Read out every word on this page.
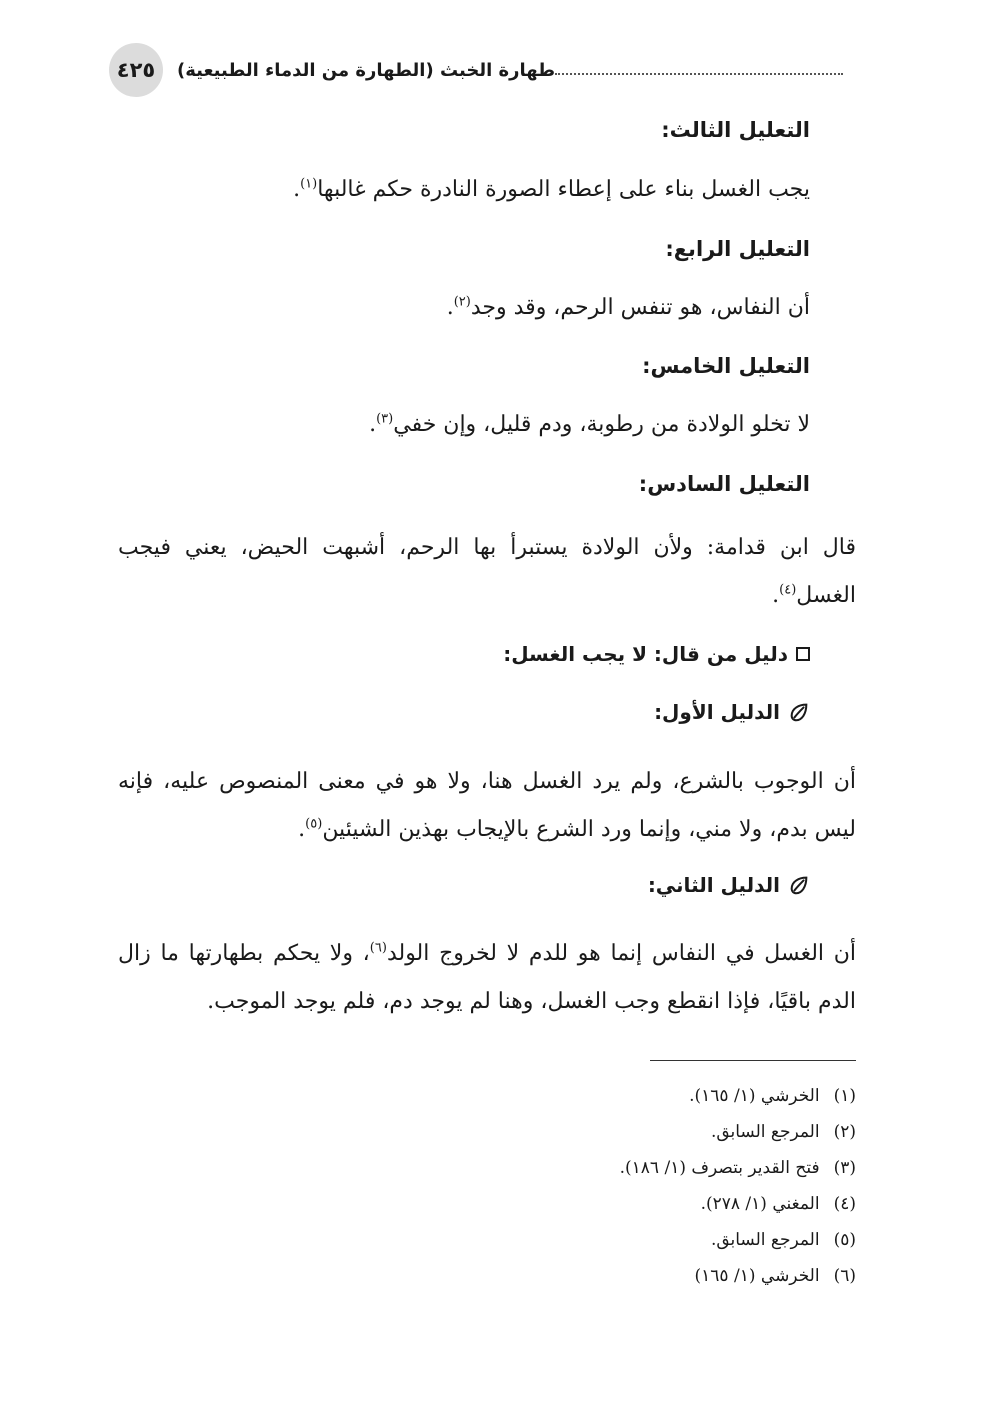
٤٢٥ طهارة الخبث (الطهارة من الدماء الطبيعية)
التعليل الثالث:
يجب الغسل بناء على إعطاء الصورة النادرة حكم غالبها$^{(١)}$.
التعليل الرابع:
أن النفاس، هو تنفس الرحم، وقد وجد$^{(٢)}$.
التعليل الخامس:
لا تخلو الولادة من رطوبة، ودم قليل، وإن خفي$^{(٣)}$.
التعليل السادس:
قال ابن قدامة: ولأن الولادة يستبرأ بها الرحم، أشبهت الحيض، يعني فيجب الغسل$^{(٤)}$.
دليل من قال: لا يجب الغسل:
الدليل الأول:
أن الوجوب بالشرع، ولم يرد الغسل هنا، ولا هو في معنى المنصوص عليه، فإنه ليس بدم، ولا مني، وإنما ورد الشرع بالإيجاب بهذين الشيئين$^{(٥)}$.
الدليل الثاني:
أن الغسل في النفاس إنما هو للدم لا لخروج الولد$^{(٦)}$، ولا يحكم بطهارتها ما زال الدم باقيًا، فإذا انقطع وجب الغسل، وهنا لم يوجد دم، فلم يوجد الموجب.
(١)
الخرشي (١/ ١٦٥).
(٢)
المرجع السابق.
(٣)
فتح القدير بتصرف (١/ ١٨٦).
(٤)
المغني (١/ ٢٧٨).
(٥)
المرجع السابق.
(٦)
الخرشي (١/ ١٦٥)
